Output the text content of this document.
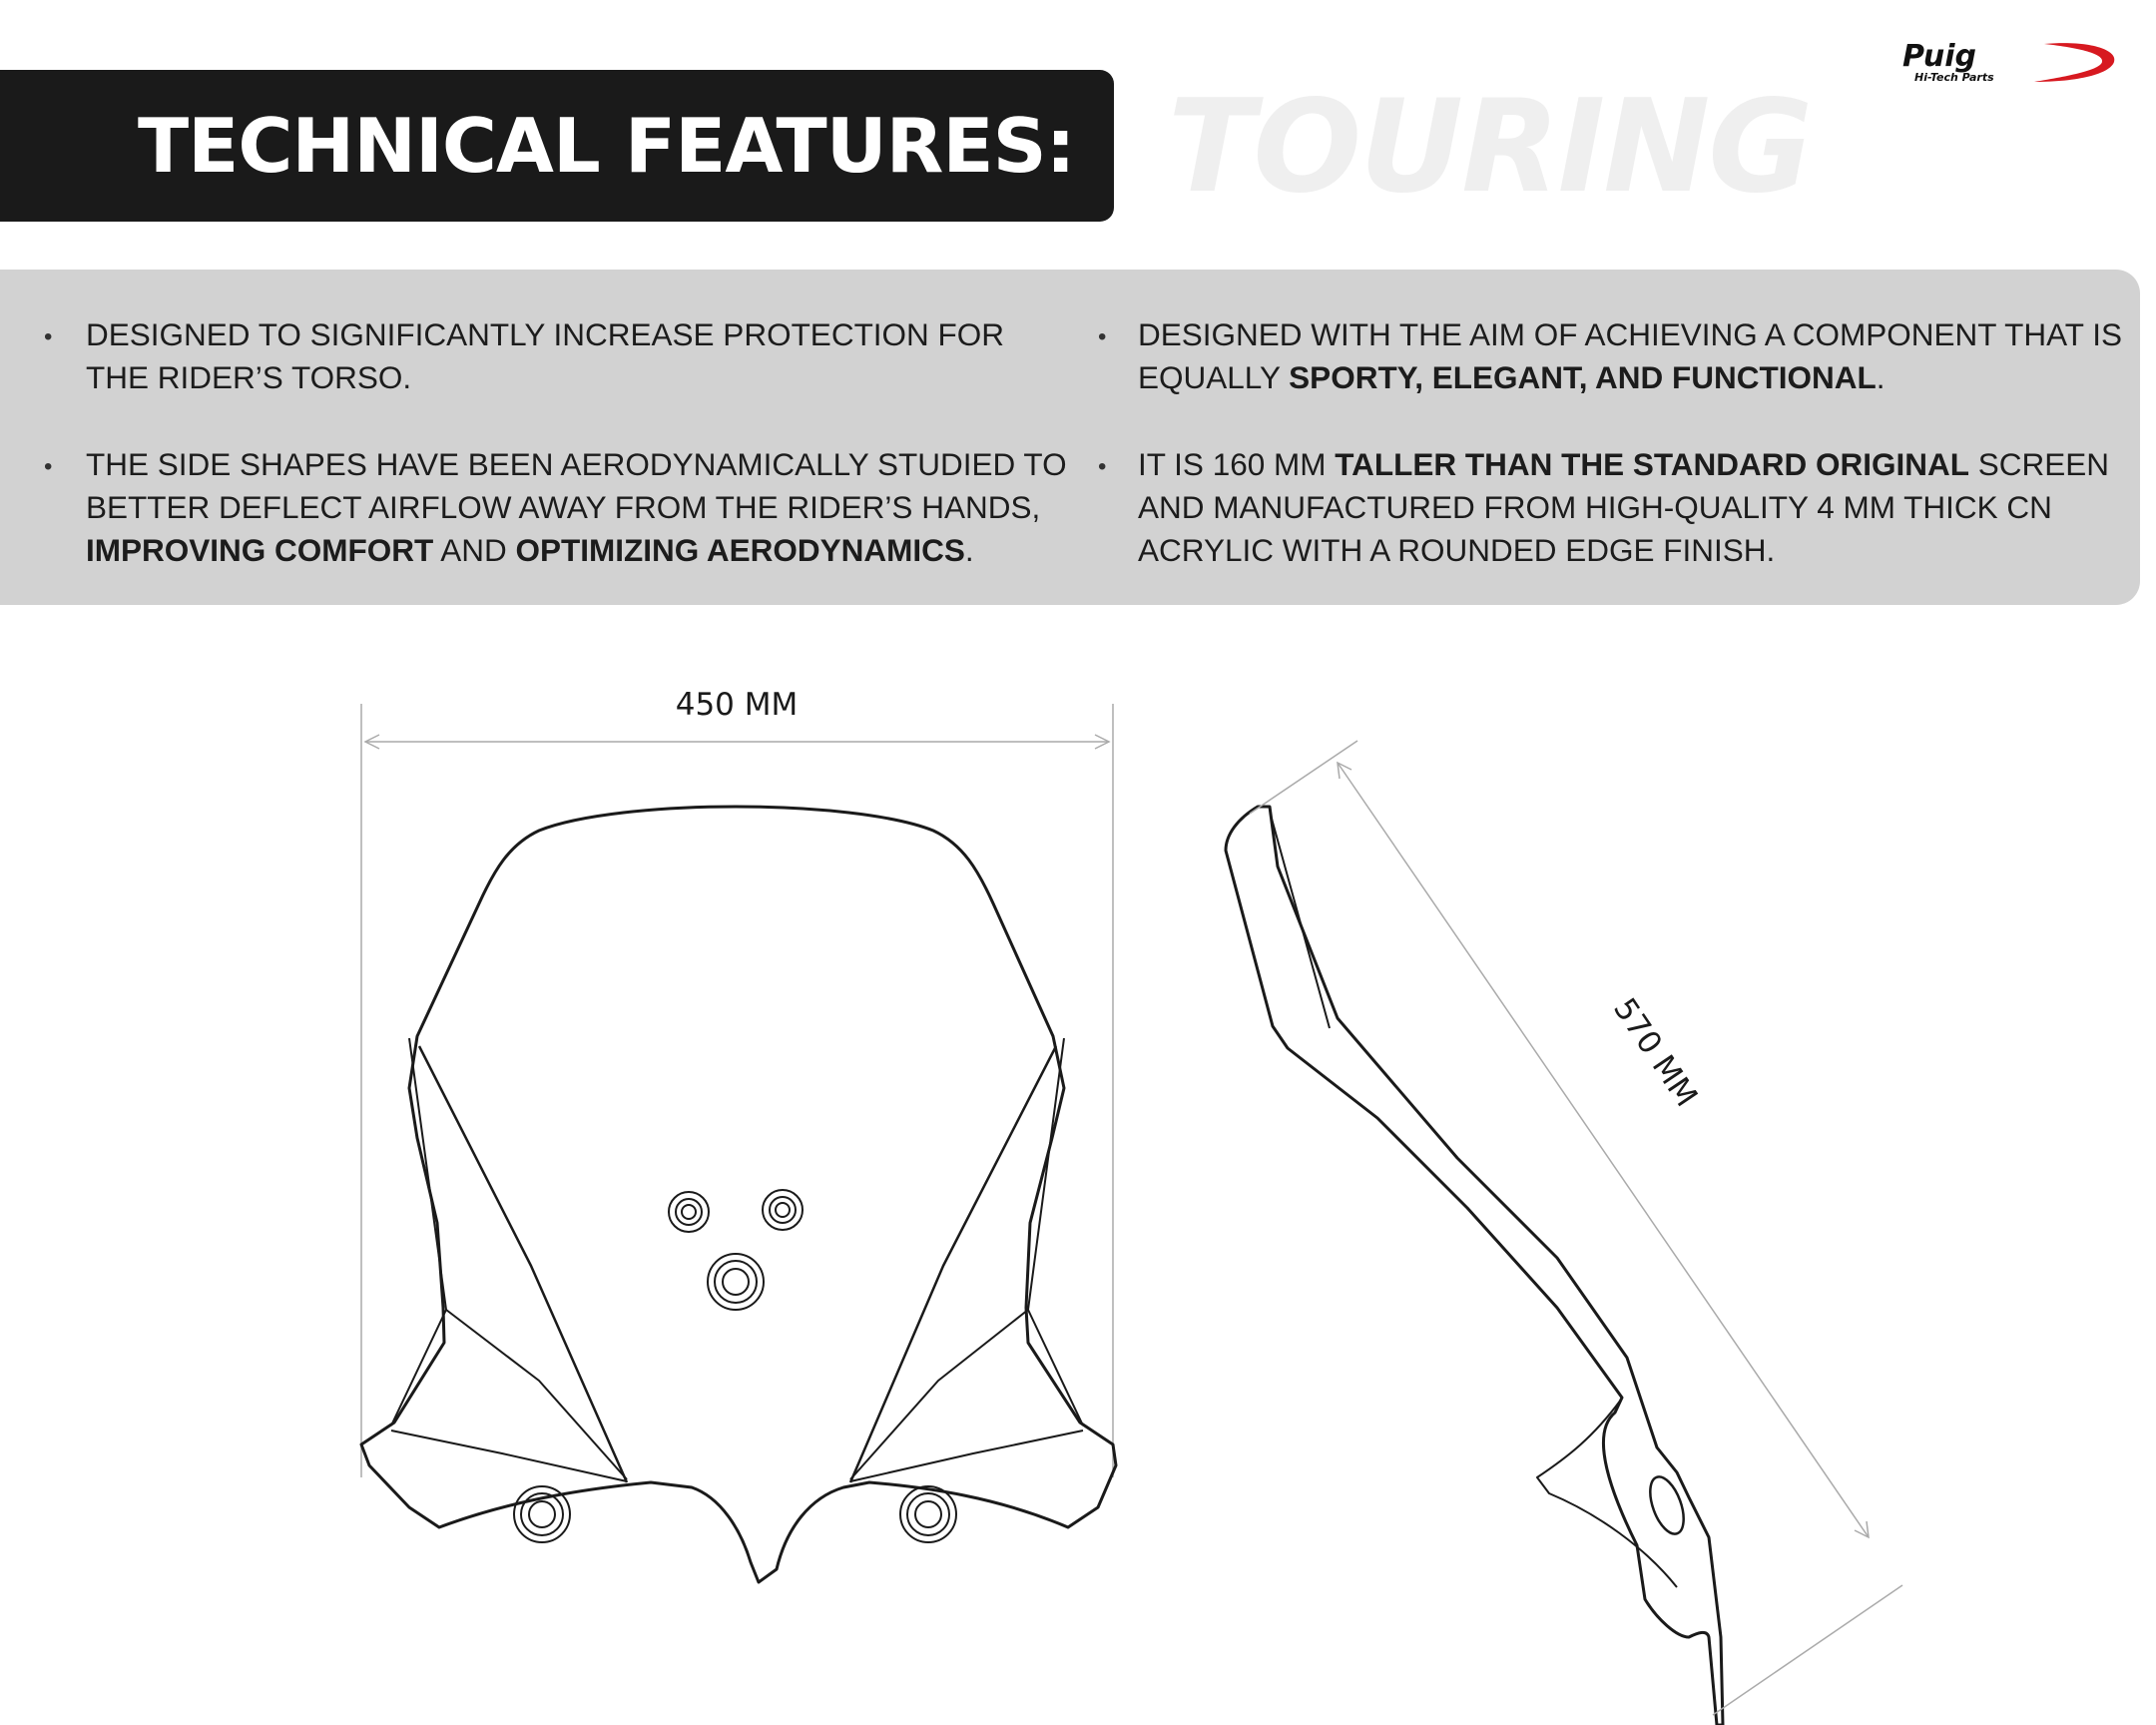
TECHNICAL FEATURES: TOURING
Puig
Hi-Tech Parts
• DESIGNED TO SIGNIFICANTLY INCREASE PROTECTION FOR THE RIDER’S TORSO.

• THE SIDE SHAPES HAVE BEEN AERODYNAMICALLY STUDIED TO BETTER DEFLECT AIRFLOW AWAY FROM THE RIDER’S HANDS, IMPROVING COMFORT AND OPTIMIZING AERODYNAMICS.

• DESIGNED WITH THE AIM OF ACHIEVING A COMPONENT THAT IS EQUALLY SPORTY, ELEGANT, AND FUNCTIONAL.

• IT IS 160 MM TALLER THAN THE STANDARD ORIGINAL SCREEN AND MANUFACTURED FROM HIGH-QUALITY 4 MM THICK CN ACRYLIC WITH A ROUNDED EDGE FINISH.

450 MM
570 MM
